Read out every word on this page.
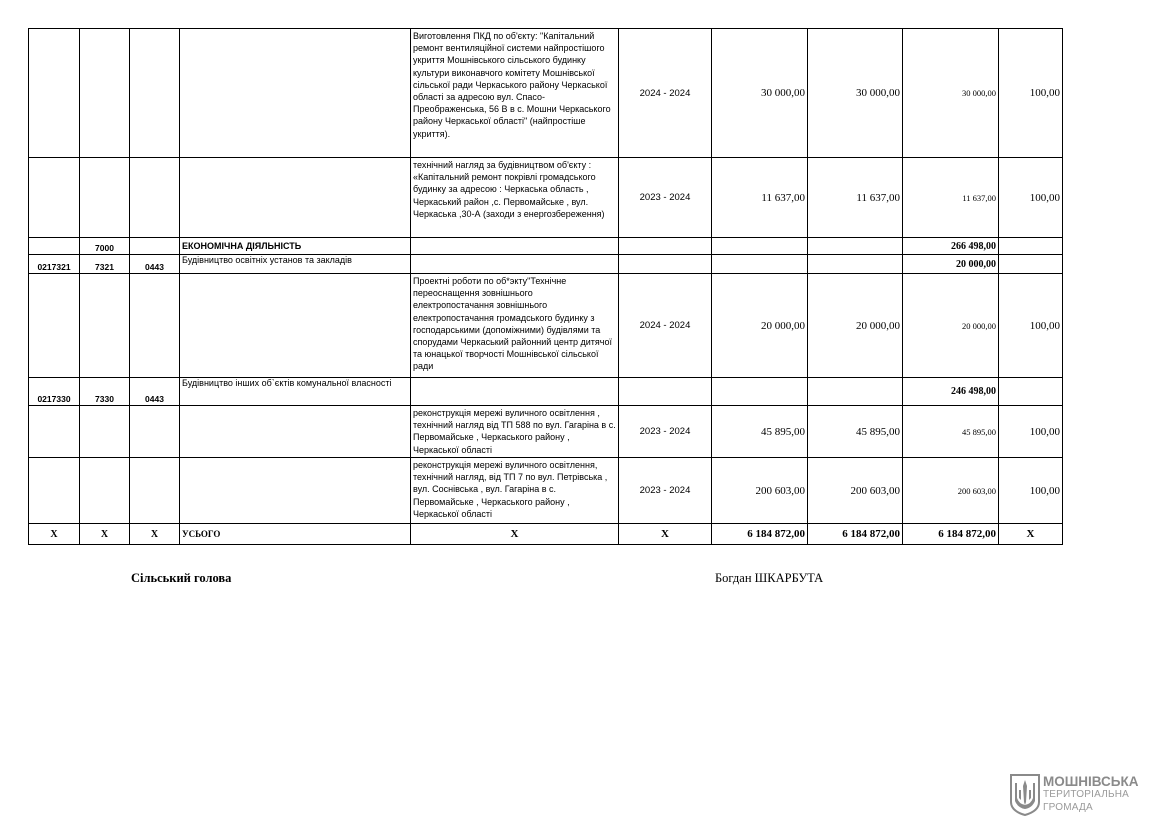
				Виготовлення ПКД по об'єкту: "Капітальний ремонт вентиляційної системи найпростішого укриття Мошнівського сільського будинку культури виконавчого комітету Мошнівської сільської ради Черкаського району Черкаської області за адресою вул. Спасо-Преображенська, 56 В в с. Мошни Черкаського району Черкаської області" (найпростіше укриття).	2024 - 2024	30 000,00	30 000,00	30 000,00	100,00
				технічний нагляд за будівництвом об'єкту : «Капітальний ремонт покрівлі громадського будинку за адресою : Черкаська область , Черкаський район ,с. Первомайське , вул. Черкаська ,30-А (заходи з енергозбереження)	2023 - 2024	11 637,00	11 637,00	11 637,00	100,00
	7000		ЕКОНОМІЧНА ДІЯЛЬНІСТЬ					266 498,00	
0217321	7321	0443	Будівництво освітніх установ та закладів					20 000,00	
				Проектні роботи по об*экту"Технічне переоснащення зовнішнього електропостачання зовнішнього електропостачання громадського будинку з господарськими (допоміжними) будівлями та спорудами Черкаський районний центр дитячої та юнацької творчості Мошнівської сільської ради	2024 - 2024	20 000,00	20 000,00	20 000,00	100,00
0217330	7330	0443	Будівництво інших об`єктів комунальної власності					246 498,00	
				реконструкція мережі вуличного освітлення , технічний нагляд від ТП 588 по вул. Гагаріна в с. Первомайське , Черкаського району , Черкаської області	2023 - 2024	45 895,00	45 895,00	45 895,00	100,00
				реконструкція мережі вуличного освітлення, технічний нагляд, від ТП 7 по вул. Петрівська , вул. Соснівська , вул. Гагаріна в с. Первомайське , Черкаського району , Черкаської області	2023 - 2024	200 603,00	200 603,00	200 603,00	100,00
X	X	X	УСЬОГО	X	X	6 184 872,00	6 184 872,00	6 184 872,00	X
Сільський голова	Богдан ШКАРБУТА
МОШНІВСЬКА
ТЕРИТОРІАЛЬНА
ГРОМАДА
